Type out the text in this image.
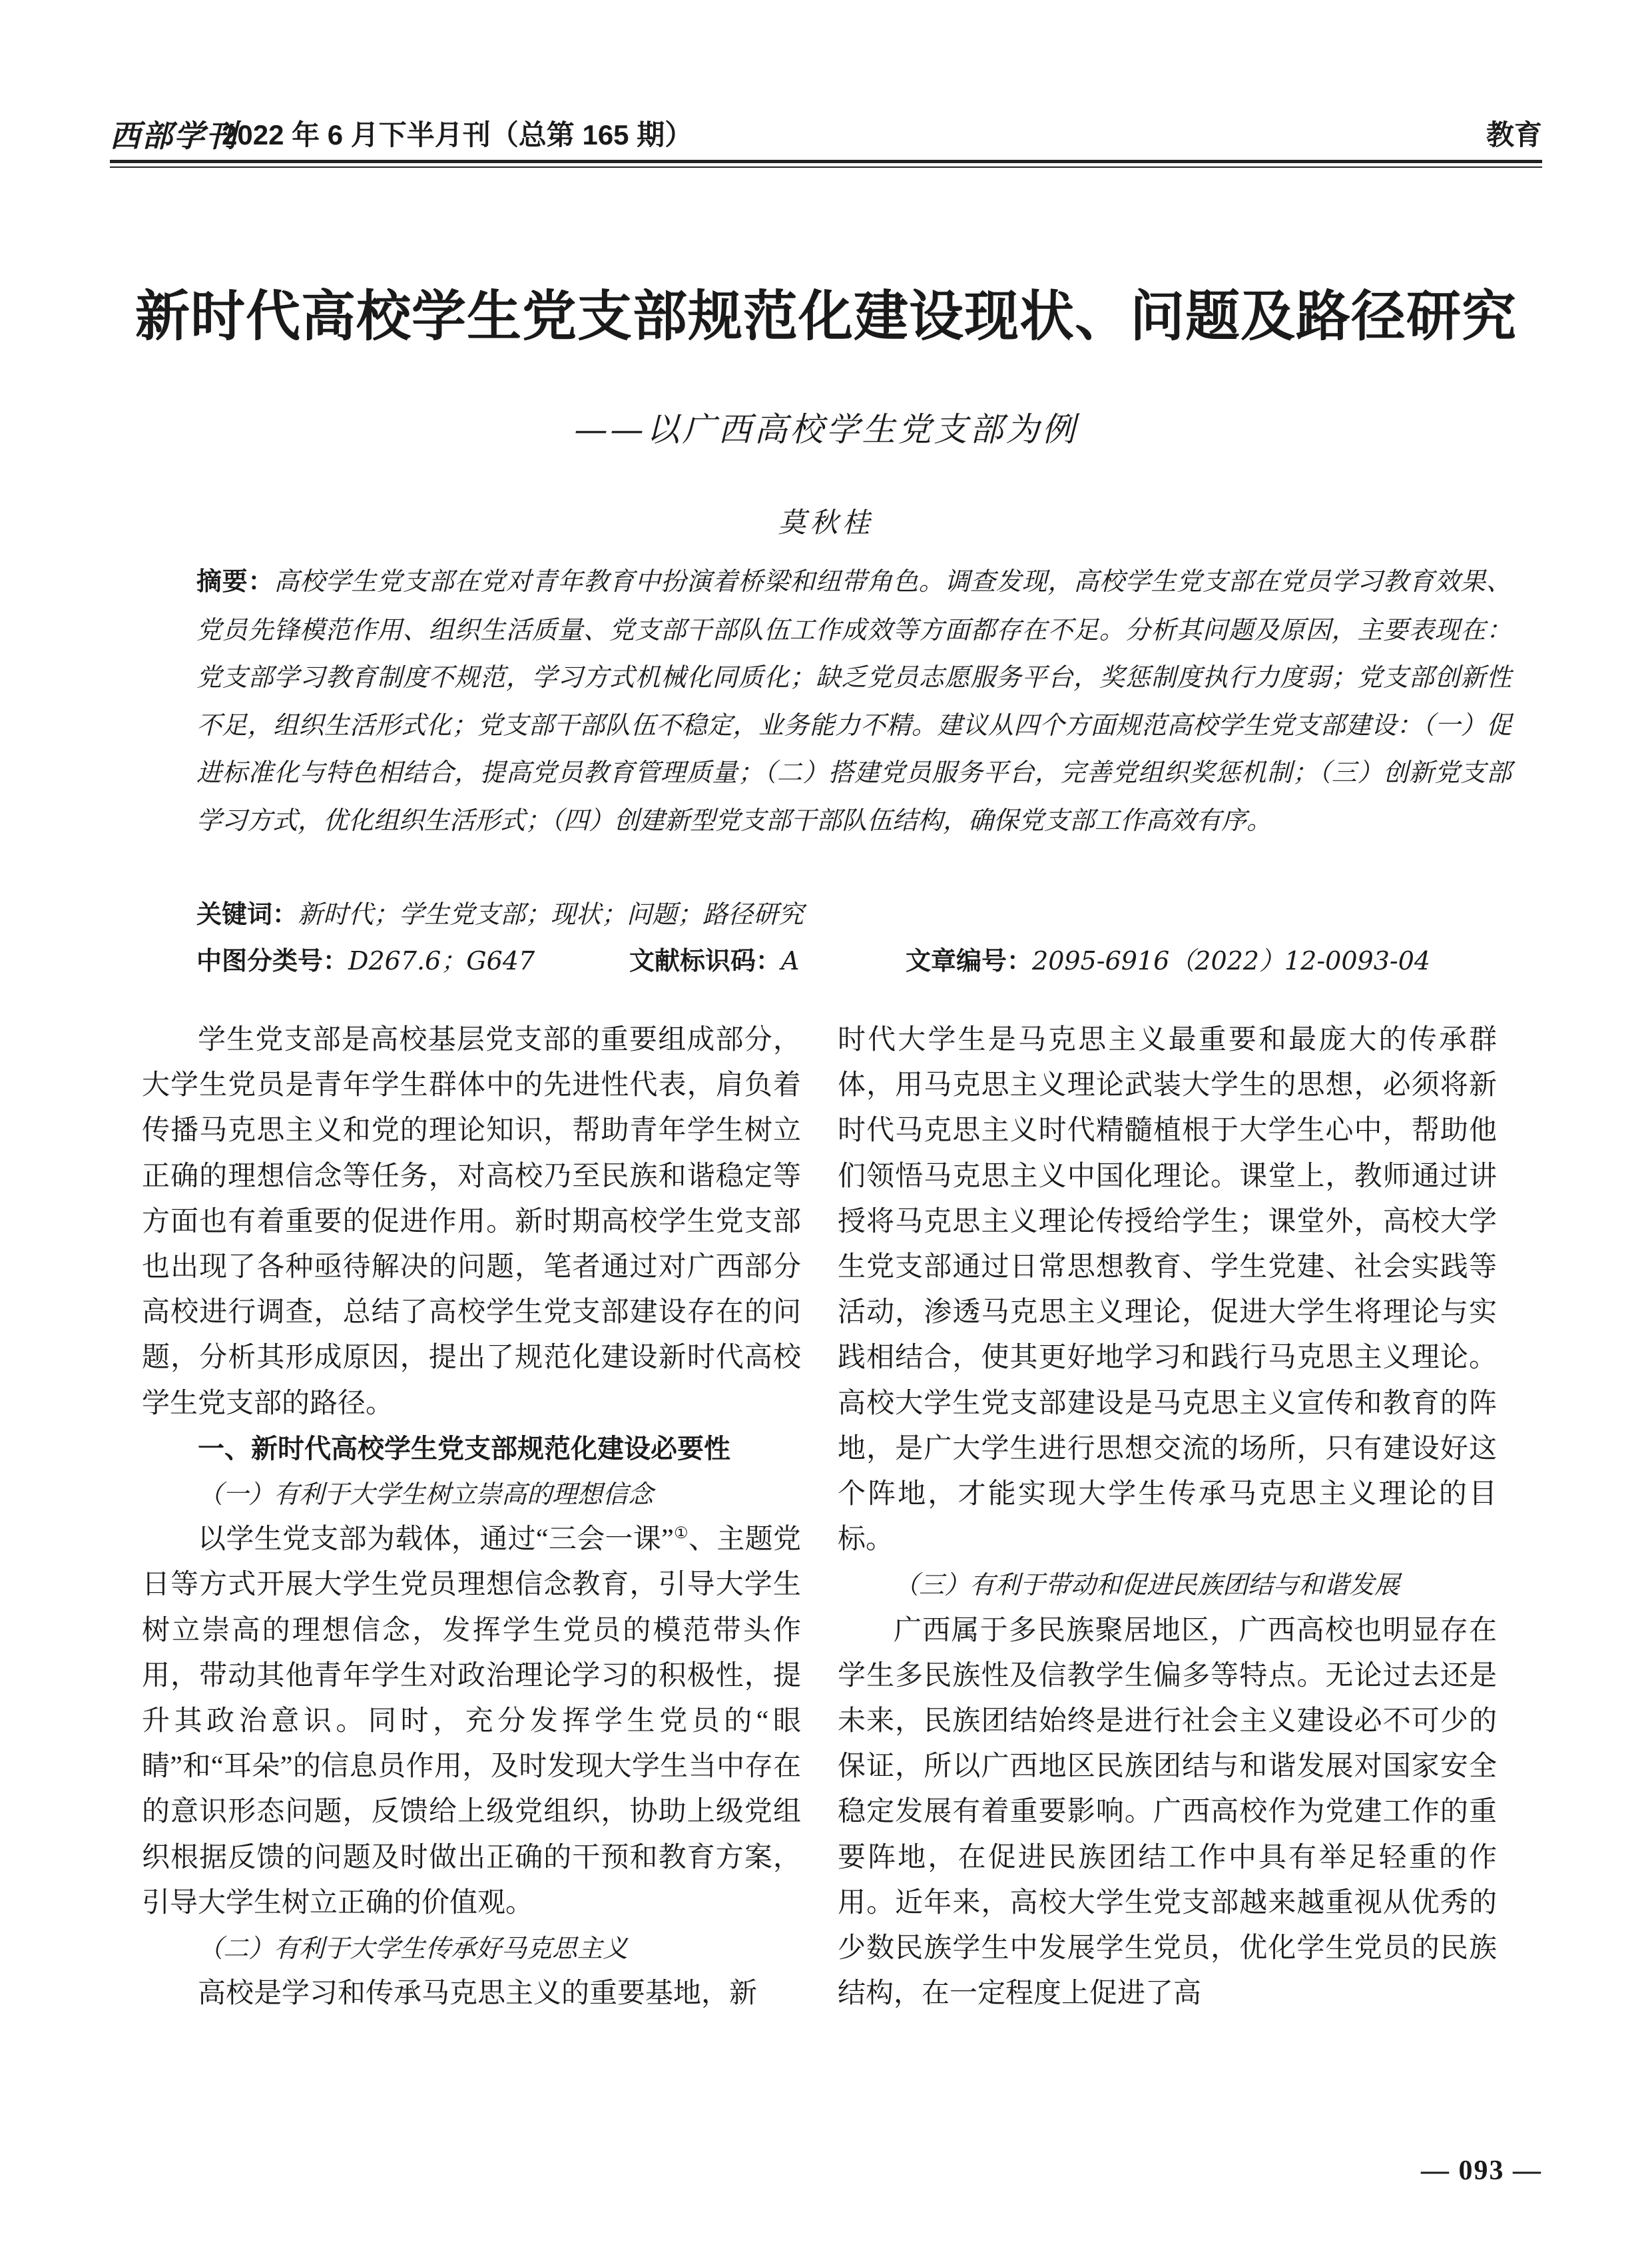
西部学刊
2022 年 6 月下半月刊（总第 165 期）	教育
新时代高校学生党支部规范化建设现状、问题及路径研究
——以广西高校学生党支部为例
莫秋桂

摘要：高校学生党支部在党对青年教育中扮演着桥梁和纽带角色。调查发现，高校学生党支部在党员学习教育效果、党员先锋模范作用、组织生活质量、党支部干部队伍工作成效等方面都存在不足。分析其问题及原因，主要表现在：党支部学习教育制度不规范，学习方式机械化同质化；缺乏党员志愿服务平台，奖惩制度执行力度弱；党支部创新性不足，组织生活形式化；党支部干部队伍不稳定，业务能力不精。建议从四个方面规范高校学生党支部建设：（一）促进标准化与特色相结合，提高党员教育管理质量；（二）搭建党员服务平台，完善党组织奖惩机制；（三）创新党支部学习方式，优化组织生活形式；（四）创建新型党支部干部队伍结构，确保党支部工作高效有序。

关键词：新时代；学生党支部；现状；问题；路径研究
中图分类号：D267.6；G647	文献标识码：A	文章编号：2095-6916（2022）12-0093-04

学生党支部是高校基层党支部的重要组成部分，大学生党员是青年学生群体中的先进性代表，肩负着传播马克思主义和党的理论知识，帮助青年学生树立正确的理想信念等任务，对高校乃至民族和谐稳定等方面也有着重要的促进作用。新时期高校学生党支部也出现了各种亟待解决的问题，笔者通过对广西部分高校进行调查，总结了高校学生党支部建设存在的问题，分析其形成原因，提出了规范化建设新时代高校学生党支部的路径。

一、新时代高校学生党支部规范化建设必要性

（一）有利于大学生树立崇高的理想信念

以学生党支部为载体，通过“三会一课”①、主题党日等方式开展大学生党员理想信念教育，引导大学生树立崇高的理想信念，发挥学生党员的模范带头作用，带动其他青年学生对政治理论学习的积极性，提升其政治意识。同时，充分发挥学生党员的“眼睛”和“耳朵”的信息员作用，及时发现大学生当中存在的意识形态问题，反馈给上级党组织，协助上级党组织根据反馈的问题及时做出正确的干预和教育方案，引导大学生树立正确的价值观。

（二）有利于大学生传承好马克思主义

高校是学习和传承马克思主义的重要基地，新

时代大学生是马克思主义最重要和最庞大的传承群体，用马克思主义理论武装大学生的思想，必须将新时代马克思主义时代精髓植根于大学生心中，帮助他们领悟马克思主义中国化理论。课堂上，教师通过讲授将马克思主义理论传授给学生；课堂外，高校大学生党支部通过日常思想教育、学生党建、社会实践等活动，渗透马克思主义理论，促进大学生将理论与实践相结合，使其更好地学习和践行马克思主义理论。高校大学生党支部建设是马克思主义宣传和教育的阵地，是广大学生进行思想交流的场所，只有建设好这个阵地，才能实现大学生传承马克思主义理论的目标。

（三）有利于带动和促进民族团结与和谐发展

广西属于多民族聚居地区，广西高校也明显存在学生多民族性及信教学生偏多等特点。无论过去还是未来，民族团结始终是进行社会主义建设必不可少的保证，所以广西地区民族团结与和谐发展对国家安全稳定发展有着重要影响。广西高校作为党建工作的重要阵地，在促进民族团结工作中具有举足轻重的作用。近年来，高校大学生党支部越来越重视从优秀的少数民族学生中发展学生党员，优化学生党员的民族结构，在一定程度上促进了高

— 093 —
